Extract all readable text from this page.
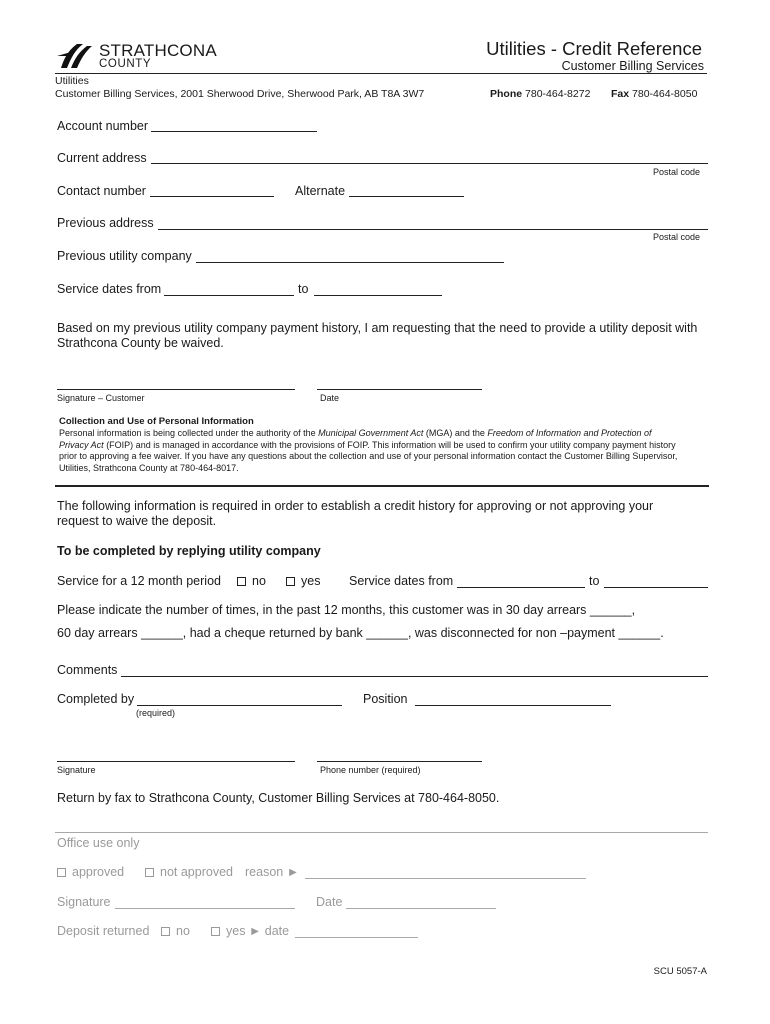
STRATHCONA
COUNTY
Utilities - Credit Reference
Customer Billing Services
Utilities
Customer Billing Services, 2001 Sherwood Drive, Sherwood Park, AB T8A 3W7	Phone 780-464-8272 Fax 780-464-8050
Account number
Current address
Postal code
Contact number	Alternate
Previous address
Postal code
Previous utility company
Service dates from	to
Based on my previous utility company payment history, I am requesting that the need to provide a utility deposit with
Strathcona County be waived.
Signature – Customer	Date
Collection and Use of Personal Information
Personal information is being collected under the authority of the Municipal Government Act (MGA) and the Freedom of Information and Protection of Privacy Act (FOIP) and is managed in accordance with the provisions of FOIP. This information will be used to confirm your utility company payment history prior to approving a fee waiver. If you have any questions about the collection and use of your personal information contact the Customer Billing Supervisor, Utilities, Strathcona County at 780-464-8017.
The following information is required in order to establish a credit history for approving or not approving your
request to waive the deposit.
To be completed by replying utility company
Service for a 12 month period	no	yes Service dates from	to
Please indicate the number of times, in the past 12 months, this customer was in 30 day arrears ______,
60 day arrears ______, had a cheque returned by bank ______, was disconnected for non –payment ______.
Comments
Completed by
(required)
Position
Signature	Phone number (required)
Return by fax to Strathcona County, Customer Billing Services at 780-464-8050.
Office use only
approved	not approved reason ►
Signature	Date
Deposit returned	no	yes ► date
SCU 5057-A
